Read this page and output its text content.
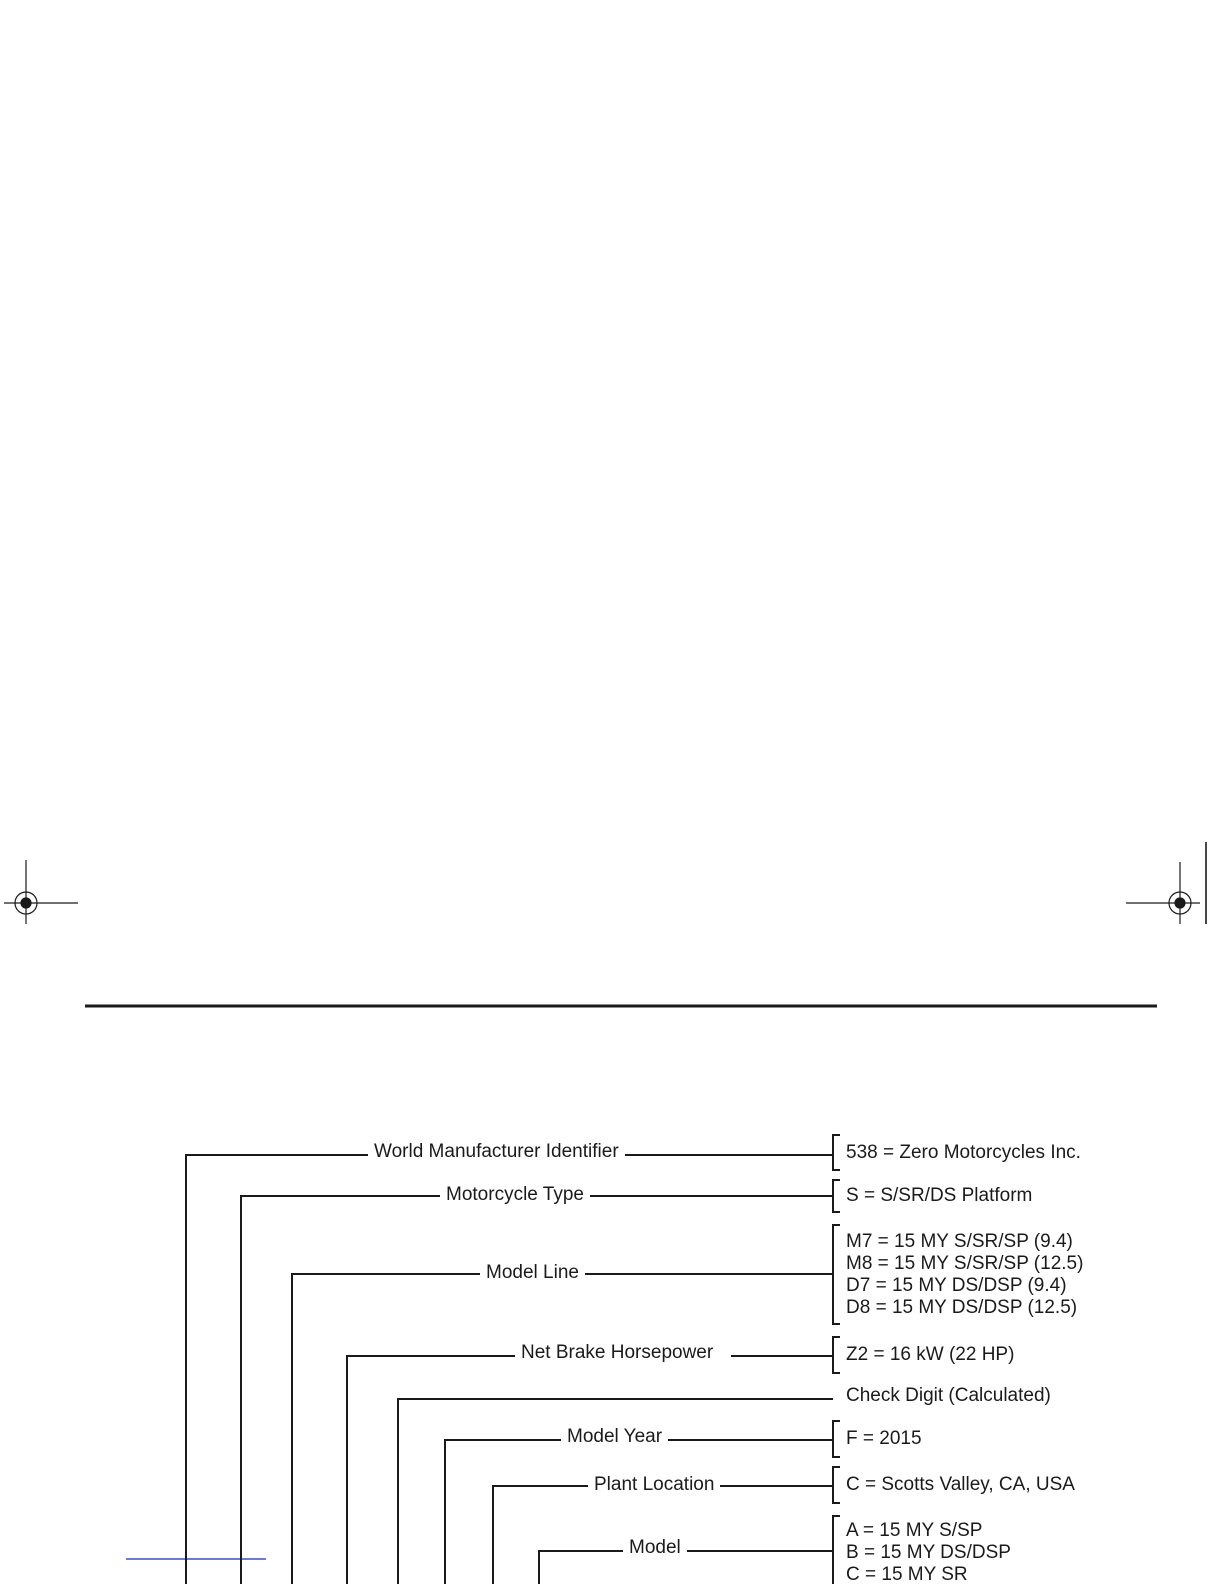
World Manufacturer Identifier
Motorcycle Type
Model Line
Net Brake Horsepower
Model Year
Plant Location
Model
538 = Zero Motorcycles Inc.
S = S/SR/DS Platform
M7 = 15 MY S/SR/SP (9.4)
M8 = 15 MY S/SR/SP (12.5)
D7 = 15 MY DS/DSP (9.4)
D8 = 15 MY DS/DSP (12.5)
Z2 = 16 kW (22 HP)
Check Digit (Calculated)
F = 2015
C = Scotts Valley, CA, USA
A = 15 MY S/SP
B = 15 MY DS/DSP
C = 15 MY SR
